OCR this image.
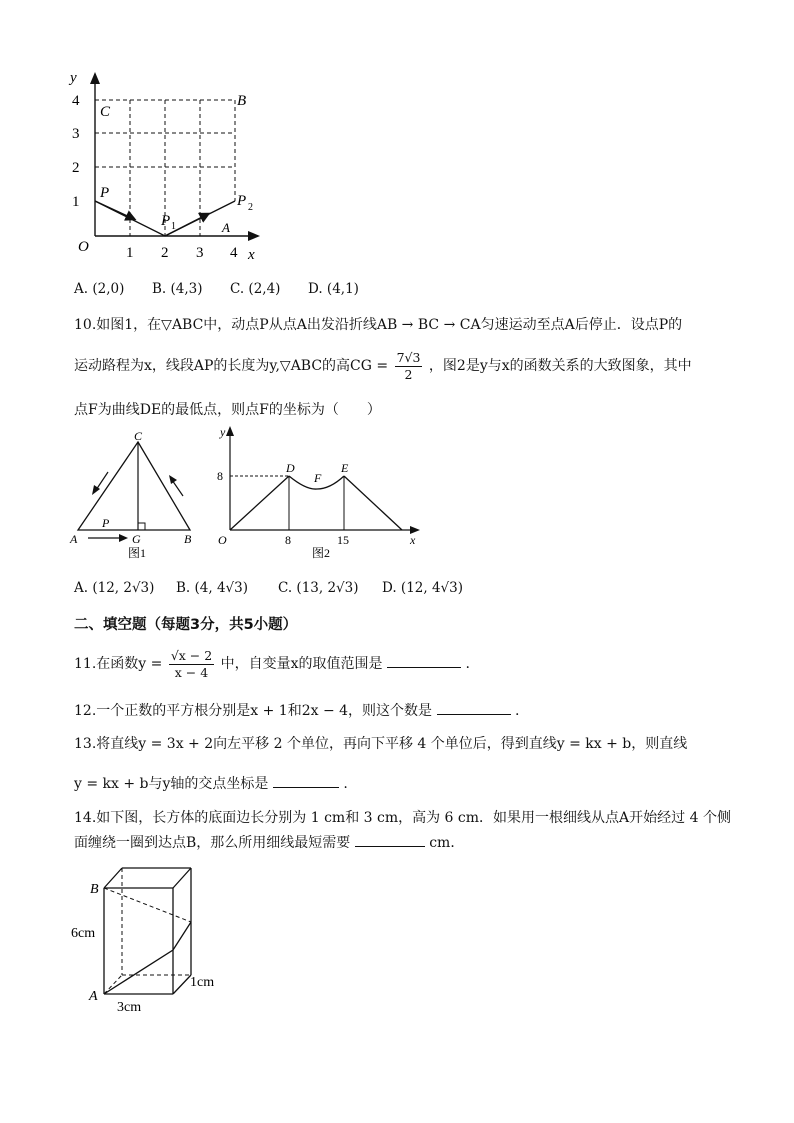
y
x
O
1
2
3
4
1 2 3 4
C
B
P
P 1
P 2
A
A. (2,0) B. (4,3) C. (2,4) D. (4,1)
10.如图1，在▽ABC中，动点P从点A出发沿折线AB → BC → CA匀速运动至点A后停止．设点P的
运动路程为x，线段AP的长度为y,▽ABC的高CG = $\frac{7√3}{2}$ ，图2是y与x的函数关系的大致图象，其中
点F为曲线DE的最低点，则点F的坐标为（　　）
C
A
P
G	B
图1
y
8
D
F
E
O	8	15	x
图2
A. (12, 2√3) B. (4, 4√3) C. (13, 2√3) D. (12, 4√3)
二、填空题（每题3分，共5小题）
11.在函数$y = \frac{√x - 2}{x - 4}$ 中，自变量x的取值范围是	.
12.一个正数的平方根分别是x + 1和2x − 4，则这个数是	.
13.将直线y = 3x + 2向左平移 2 个单位，再向下平移 4 个单位后，得到直线y = kx + b，则直线
y = kx + b与y轴的交点坐标是	.
14.如下图，长方体的底面边长分别为 1 cm和 3 cm，高为 6 cm．如果用一根细线从点A开始经过 4 个侧
面缠绕一圈到达点B，那么所用细线最短需要	cm．
B
A
6cm
3cm
1cm
